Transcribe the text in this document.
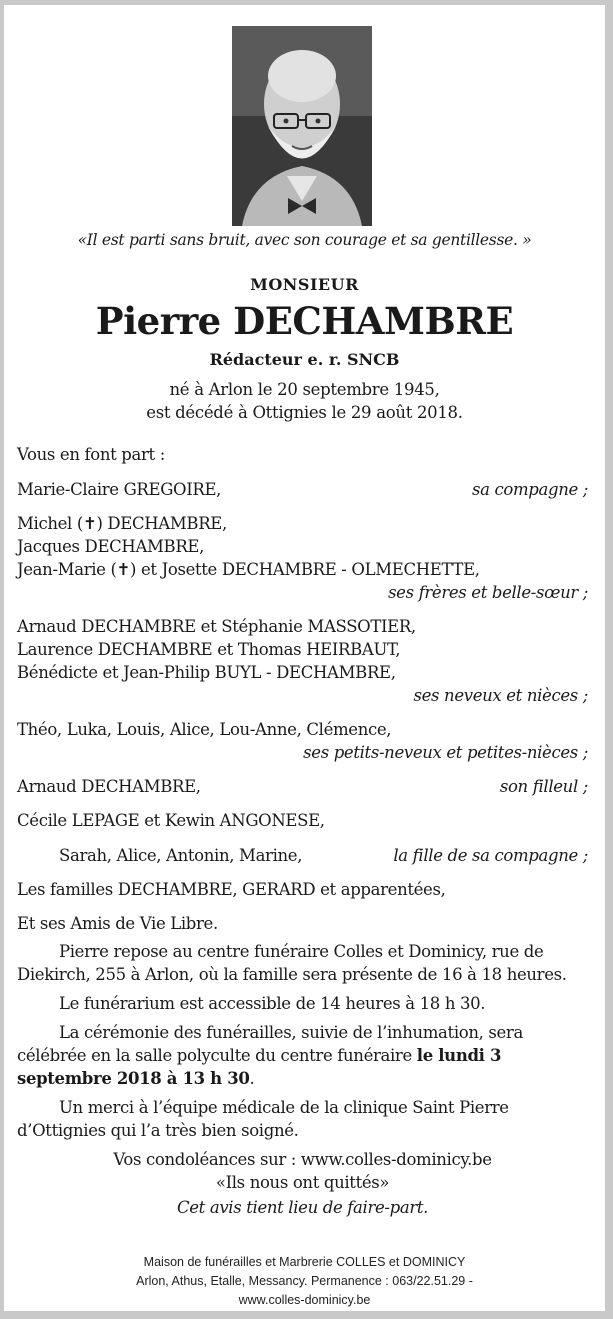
«Il est parti sans bruit, avec son courage et sa gentillesse. »
MONSIEUR
Pierre DECHAMBRE
Rédacteur e. r. SNCB
né à Arlon le 20 septembre 1945,
est décédé à Ottignies le 29 août 2018.
Vous en font part :
Marie-Claire GREGOIRE,	sa compagne ;
Michel (✝) DECHAMBRE,
Jacques DECHAMBRE,
Jean-Marie (✝) et Josette DECHAMBRE - OLMECHETTE,
ses frères et belle-sœur ;
Arnaud DECHAMBRE et Stéphanie MASSOTIER,
Laurence DECHAMBRE et Thomas HEIRBAUT,
Bénédicte et Jean-Philip BUYL - DECHAMBRE,
ses neveux et nièces ;
Théo, Luka, Louis, Alice, Lou-Anne, Clémence,
ses petits-neveux et petites-nièces ;
Arnaud DECHAMBRE,	son filleul ;
Cécile LEPAGE et Kewin ANGONESE,
Sarah, Alice, Antonin, Marine,	la fille de sa compagne ;
Les familles DECHAMBRE, GERARD et apparentées,
Et ses Amis de Vie Libre.
Pierre repose au centre funéraire Colles et Dominicy, rue de Diekirch, 255 à Arlon, où la famille sera présente de 16 à 18 heures.
Le funérarium est accessible de 14 heures à 18 h 30.
La cérémonie des funérailles, suivie de l’inhumation, sera célébrée en la salle polyculte du centre funéraire le lundi 3 septembre 2018 à 13 h 30.
Un merci à l’équipe médicale de la clinique Saint Pierre d’Ottignies qui l’a très bien soigné.
Vos condoléances sur : www.colles-dominicy.be
«Ils nous ont quittés»
Cet avis tient lieu de faire-part.
Maison de funérailles et Marbrerie COLLES et DOMINICY
Arlon, Athus, Etalle, Messancy. Permanence : 063/22.51.29 -
www.colles-dominicy.be
